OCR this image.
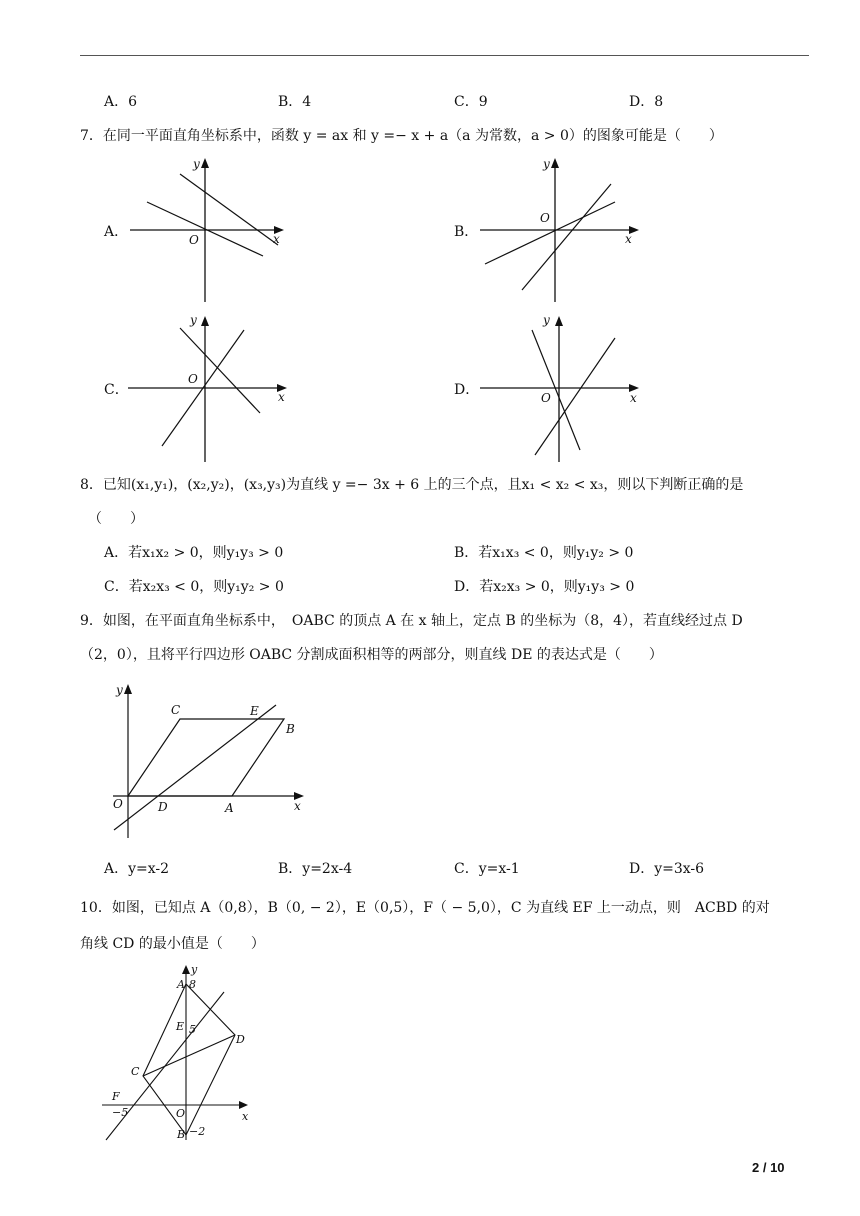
A．6	B．4	C．9	D．8
7．在同一平面直角坐标系中，函数 y = ax 和 y =− x + a（a 为常数，a > 0）的图象可能是（　　）
A．	B．
C．	D．
y
x
O
y
x
O
y
x
O
y
x
O
8．已知(x₁,y₁)，(x₂,y₂)，(x₃,y₃)为直线 y =− 3x + 6 上的三个点，且x₁ < x₂ < x₃，则以下判断正确的是
（　　）
A．若x₁x₂ > 0，则y₁y₃ > 0	B．若x₁x₃ < 0，则y₁y₂ > 0
C．若x₂x₃ < 0，则y₁y₂ > 0	D．若x₂x₃ > 0，则y₁y₃ > 0
9．如图，在平面直角坐标系中，　OABC 的顶点 A 在 x 轴上，定点 B 的坐标为（8，4），若直线经过点 D
（2，0），且将平行四边形 OABC 分割成面积相等的两部分，则直线 DE 的表达式是（　　）
y
x
O
C	E
B
D	A
A．y=x-2	B．y=2x-4	C．y=x-1	D．y=3x-6
10．如图，已知点 A（0,8），B（0, − 2），E（0,5），F（ − 5,0），C 为直线 EF 上一动点，则　ACBD 的对
角线 CD 的最小值是（　　）
y
x
A 8
E 5
D
C
F
−5	O
B −2
2 / 10
